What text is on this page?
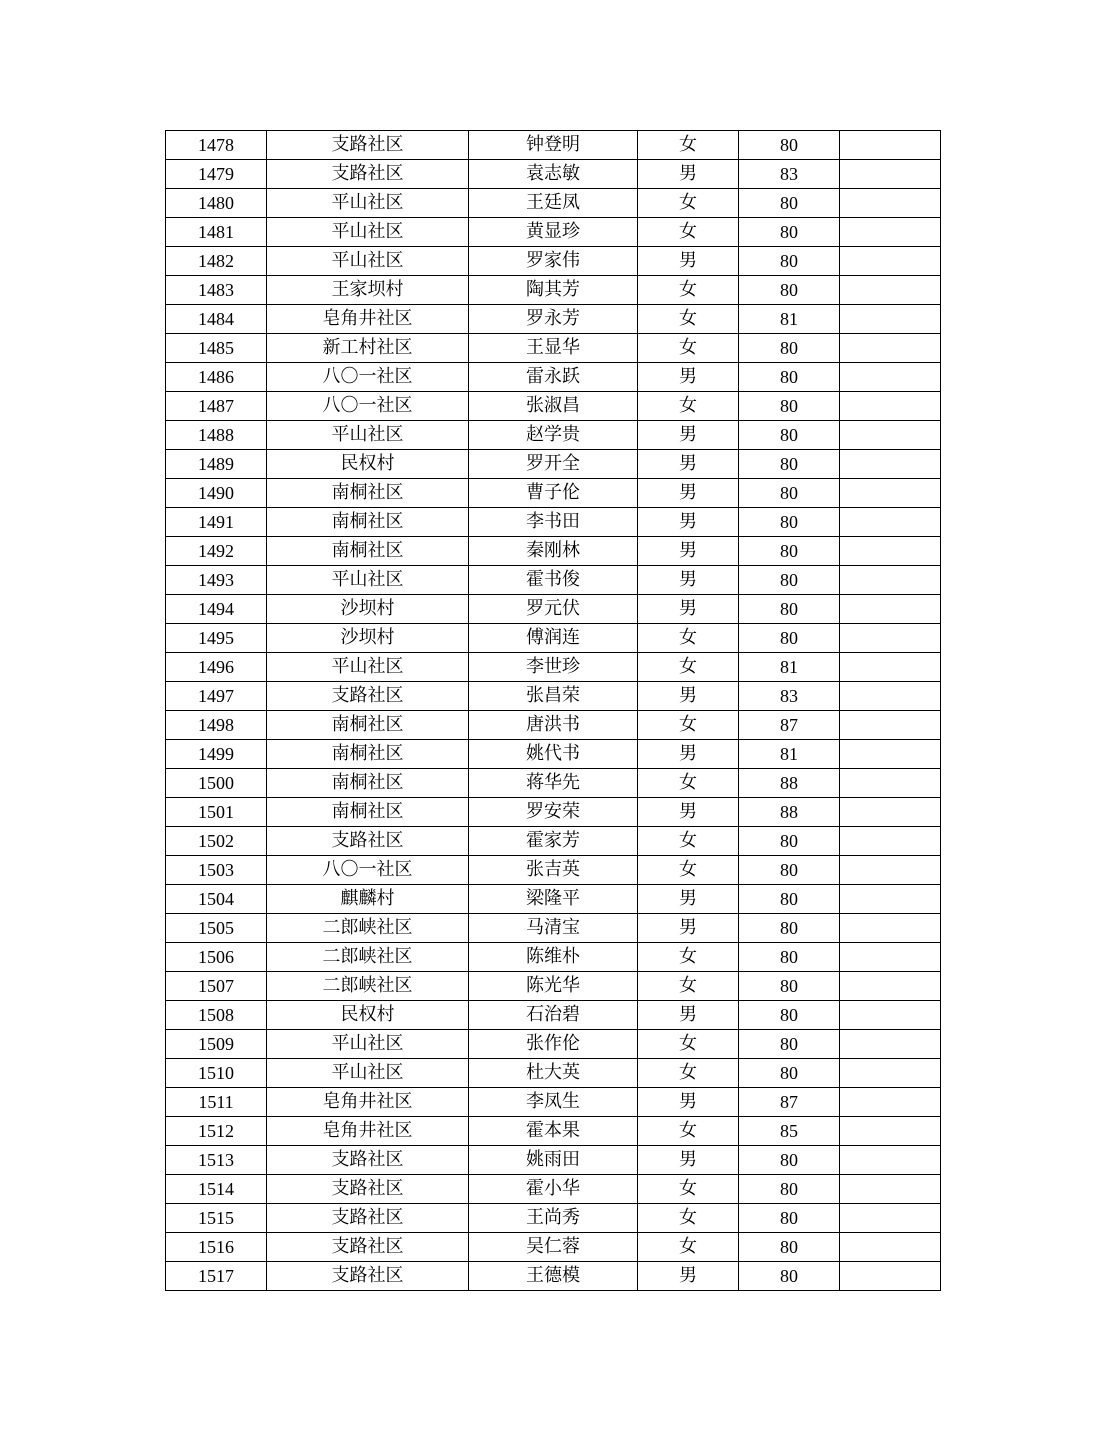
1478	支路社区	钟登明	女	80	
1479	支路社区	袁志敏	男	83	
1480	平山社区	王廷凤	女	80	
1481	平山社区	黄显珍	女	80	
1482	平山社区	罗家伟	男	80	
1483	王家坝村	陶其芳	女	80	
1484	皂角井社区	罗永芳	女	81	
1485	新工村社区	王显华	女	80	
1486	八〇一社区	雷永跃	男	80	
1487	八〇一社区	张淑昌	女	80	
1488	平山社区	赵学贵	男	80	
1489	民权村	罗开全	男	80	
1490	南桐社区	曹子伦	男	80	
1491	南桐社区	李书田	男	80	
1492	南桐社区	秦刚林	男	80	
1493	平山社区	霍书俊	男	80	
1494	沙坝村	罗元伏	男	80	
1495	沙坝村	傅润连	女	80	
1496	平山社区	李世珍	女	81	
1497	支路社区	张昌荣	男	83	
1498	南桐社区	唐洪书	女	87	
1499	南桐社区	姚代书	男	81	
1500	南桐社区	蒋华先	女	88	
1501	南桐社区	罗安荣	男	88	
1502	支路社区	霍家芳	女	80	
1503	八〇一社区	张吉英	女	80	
1504	麒麟村	梁隆平	男	80	
1505	二郎峡社区	马清宝	男	80	
1506	二郎峡社区	陈维朴	女	80	
1507	二郎峡社区	陈光华	女	80	
1508	民权村	石治碧	男	80	
1509	平山社区	张作伦	女	80	
1510	平山社区	杜大英	女	80	
1511	皂角井社区	李凤生	男	87	
1512	皂角井社区	霍本果	女	85	
1513	支路社区	姚雨田	男	80	
1514	支路社区	霍小华	女	80	
1515	支路社区	王尚秀	女	80	
1516	支路社区	吴仁蓉	女	80	
1517	支路社区	王德模	男	80	
